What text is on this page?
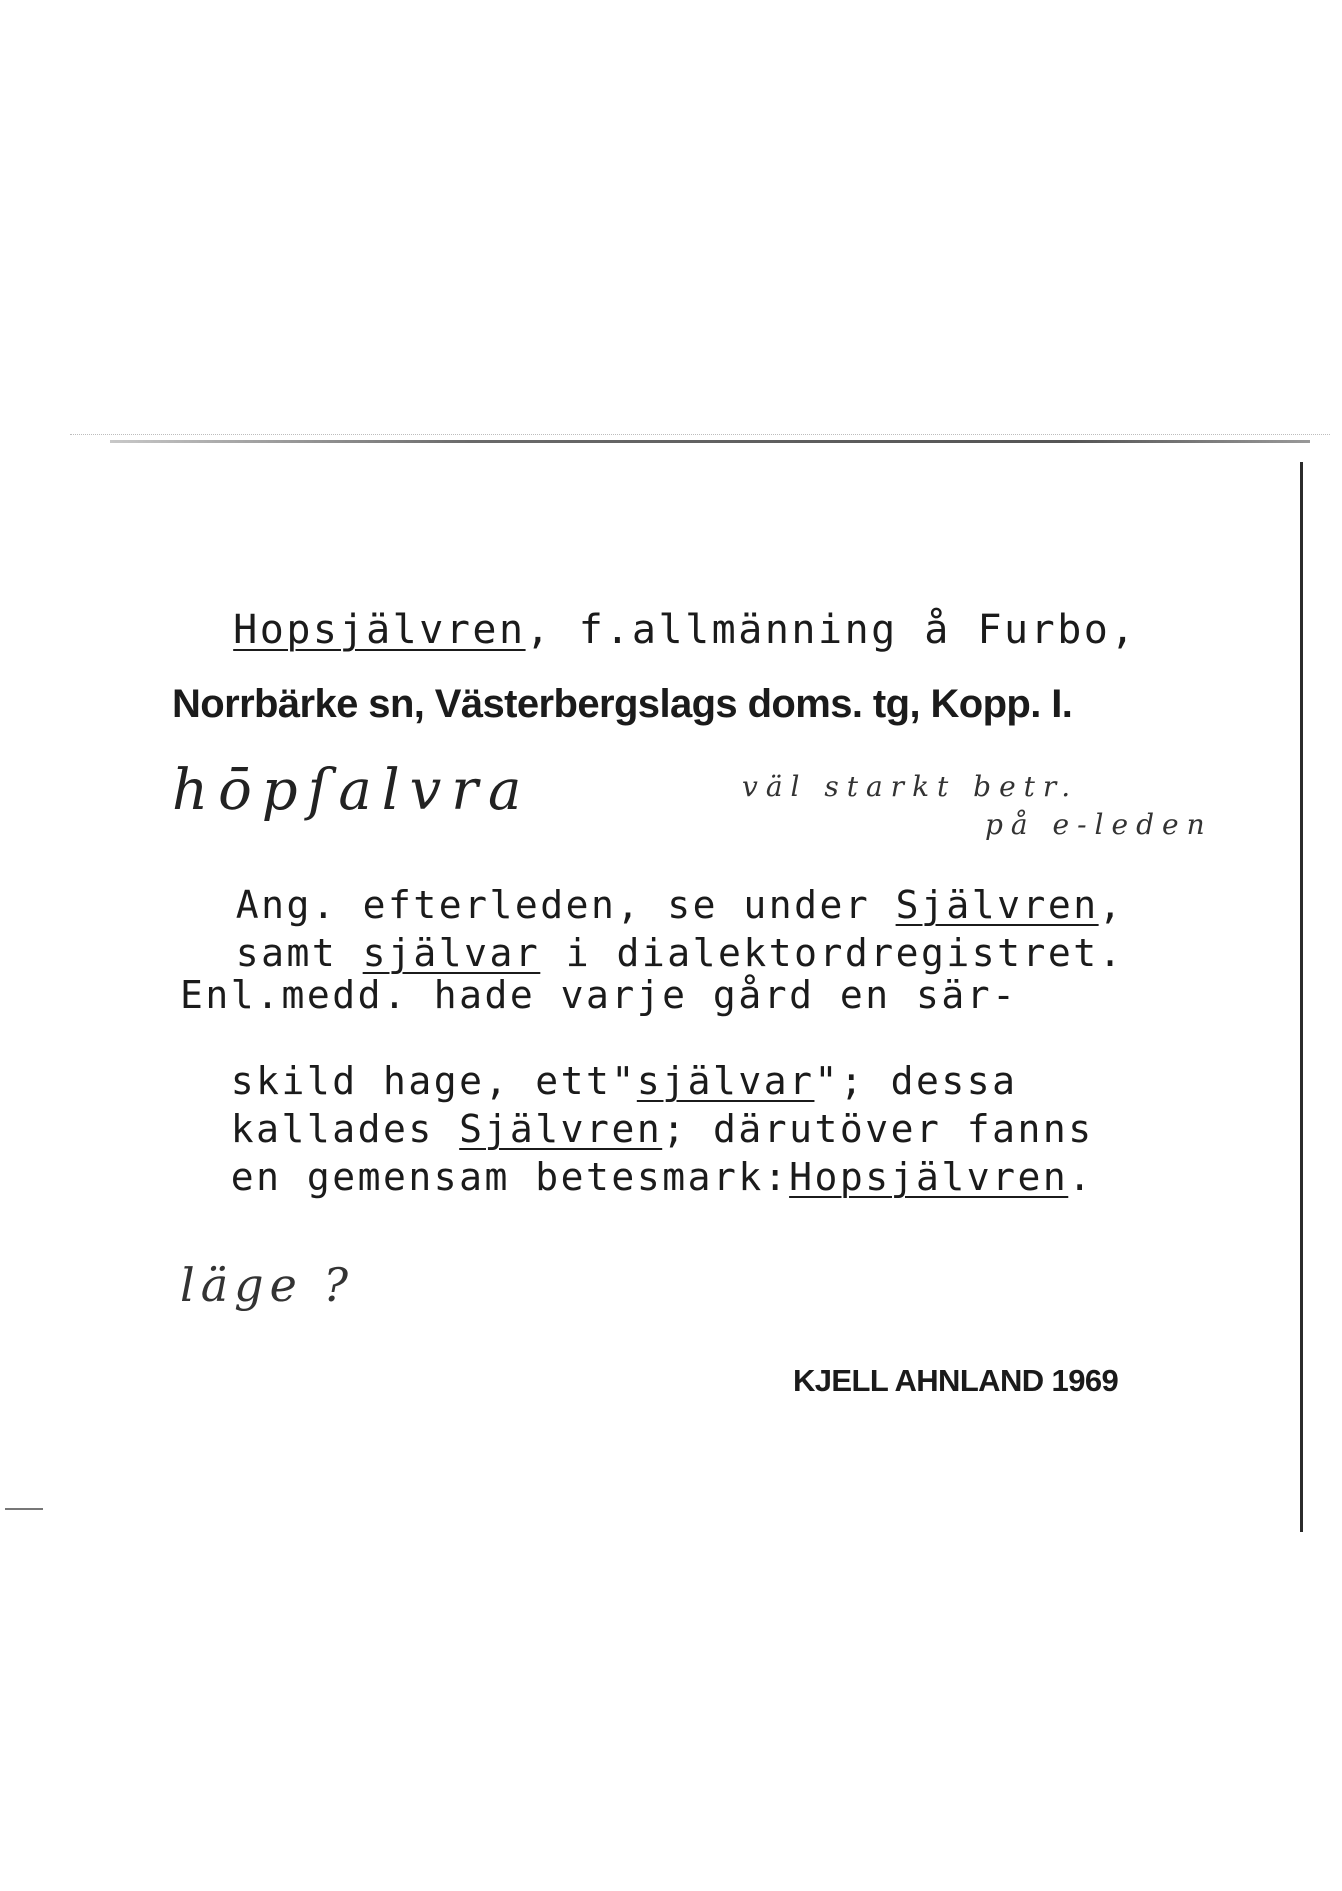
Hopsjälvren, f.allmänning å Furbo,

Norrbärke sn, Västerbergslags doms. tg, Kopp. I.
hōpſalvra	väl starkt betr.
på e-leden

Ang. efterleden, se under Självren,

samt självar i dialektordregistret.

Enl.medd. hade varje gård en sär-

skild hage, ett"självar"; dessa

kallades Självren; därutöver fanns

en gemensam betesmark:Hopsjälvren.

läge ?
KJELL AHNLAND 1969
